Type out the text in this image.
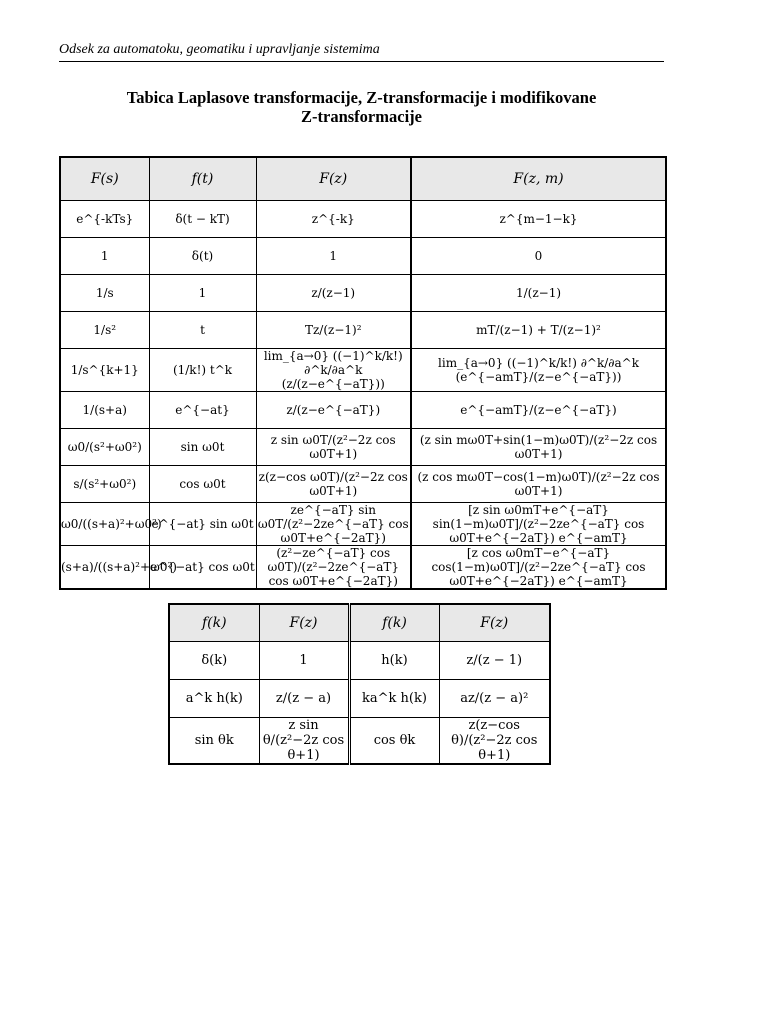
Odsek za automatoku, geomatiku i upravljanje sistemima
Tabica Laplasove transformacije, Z-transformacije i modifikovane
Z-transformacije
F(s)	f(t)	F(z)	F(z, m)
e^{-kTs}	δ(t − kT)	z^{-k}	z^{m−1−k}
1	δ(t)	1	0
1/s	1	z/(z−1)	1/(z−1)
1/s²	t	Tz/(z−1)²	mT/(z−1) + T/(z−1)²
1/s^{k+1}	(1/k!) t^k	lim_{a→0} ((−1)^k/k!) ∂^k/∂a^k (z/(z−e^{−aT}))	lim_{a→0} ((−1)^k/k!) ∂^k/∂a^k (e^{−amT}/(z−e^{−aT}))
1/(s+a)	e^{−at}	z/(z−e^{−aT})	e^{−amT}/(z−e^{−aT})
ω0/(s²+ω0²)	sin ω0t	z sin ω0T/(z²−2z cos ω0T+1)	(z sin mω0T+sin(1−m)ω0T)/(z²−2z cos ω0T+1)
s/(s²+ω0²)	cos ω0t	z(z−cos ω0T)/(z²−2z cos ω0T+1)	(z cos mω0T−cos(1−m)ω0T)/(z²−2z cos ω0T+1)
ω0/((s+a)²+ω0²)	e^{−at} sin ω0t	ze^{−aT} sin ω0T/(z²−2ze^{−aT} cos ω0T+e^{−2aT})	[z sin ω0mT+e^{−aT} sin(1−m)ω0T]/(z²−2ze^{−aT} cos ω0T+e^{−2aT}) e^{−amT}
(s+a)/((s+a)²+ω0²)	e^{−at} cos ω0t	(z²−ze^{−aT} cos ω0T)/(z²−2ze^{−aT} cos ω0T+e^{−2aT})	[z cos ω0mT−e^{−aT} cos(1−m)ω0T]/(z²−2ze^{−aT} cos ω0T+e^{−2aT}) e^{−amT}
f(k)	F(z)	f(k)	F(z)
δ(k)	1	h(k)	z/(z − 1)
a^k h(k)	z/(z − a)	ka^k h(k)	az/(z − a)²
sin θk	z sin θ/(z²−2z cos θ+1)	cos θk	z(z−cos θ)/(z²−2z cos θ+1)
